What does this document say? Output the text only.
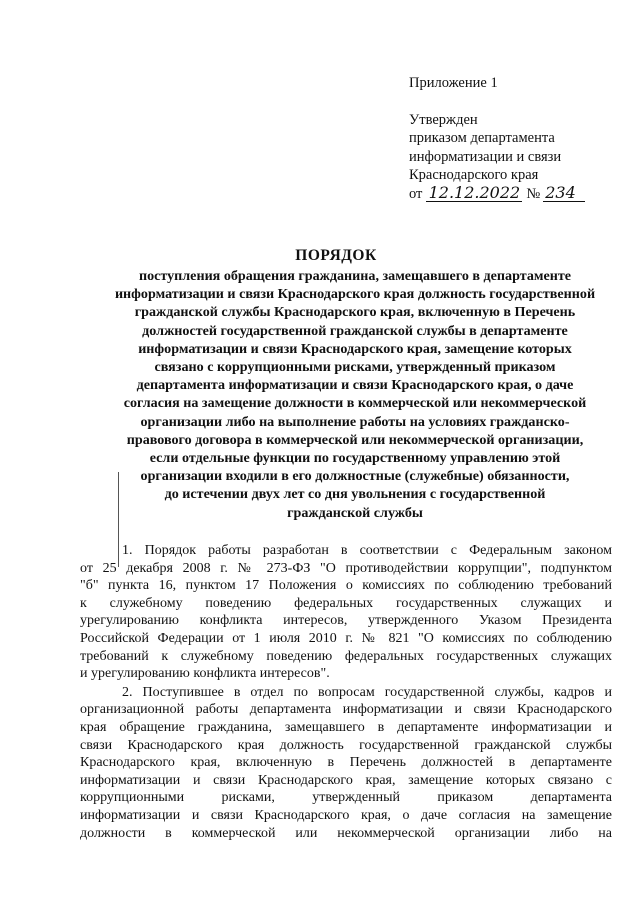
Приложение 1
Утвержден
приказом департамента
информатизации и связи
Краснодарского края
от 12.12.2022 № 234
ПОРЯДОК
поступления обращения гражданина, замещавшего в департаменте
информатизации и связи Краснодарского края должность государственной
гражданской службы Краснодарского края, включенную в Перечень
должностей государственной гражданской службы в департаменте
информатизации и связи Краснодарского края, замещение которых
связано с коррупционными рисками, утвержденный приказом
департамента информатизации и связи Краснодарского края, о даче
согласия на замещение должности в коммерческой или некоммерческой
организации либо на выполнение работы на условиях гражданско-
правового договора в коммерческой или некоммерческой организации,
если отдельные функции по государственному управлению этой
организации входили в его должностные (служебные) обязанности,
до истечении двух лет со дня увольнения с государственной
гражданской службы
1. Порядок работы разработан в соответствии с Федеральным законом
от 25 декабря 2008 г. № 273-ФЗ "О противодействии коррупции", подпунктом
"б" пункта 16, пунктом 17 Положения о комиссиях по соблюдению требований
к служебному поведению федеральных государственных служащих и
урегулированию конфликта интересов, утвержденного Указом Президента
Российской Федерации от 1 июля 2010 г. № 821 "О комиссиях по соблюдению
требований к служебному поведению федеральных государственных служащих
и урегулированию конфликта интересов".
2. Поступившее в отдел по вопросам государственной службы, кадров и
организационной работы департамента информатизации и связи Краснодарского
края обращение гражданина, замещавшего в департаменте информатизации и
связи Краснодарского края должность государственной гражданской службы
Краснодарского края, включенную в Перечень должностей в департаменте
информатизации и связи Краснодарского края, замещение которых связано с
коррупционными рисками, утвержденный приказом департамента
информатизации и связи Краснодарского края, о даче согласия на замещение
должности в коммерческой или некоммерческой организации либо на
